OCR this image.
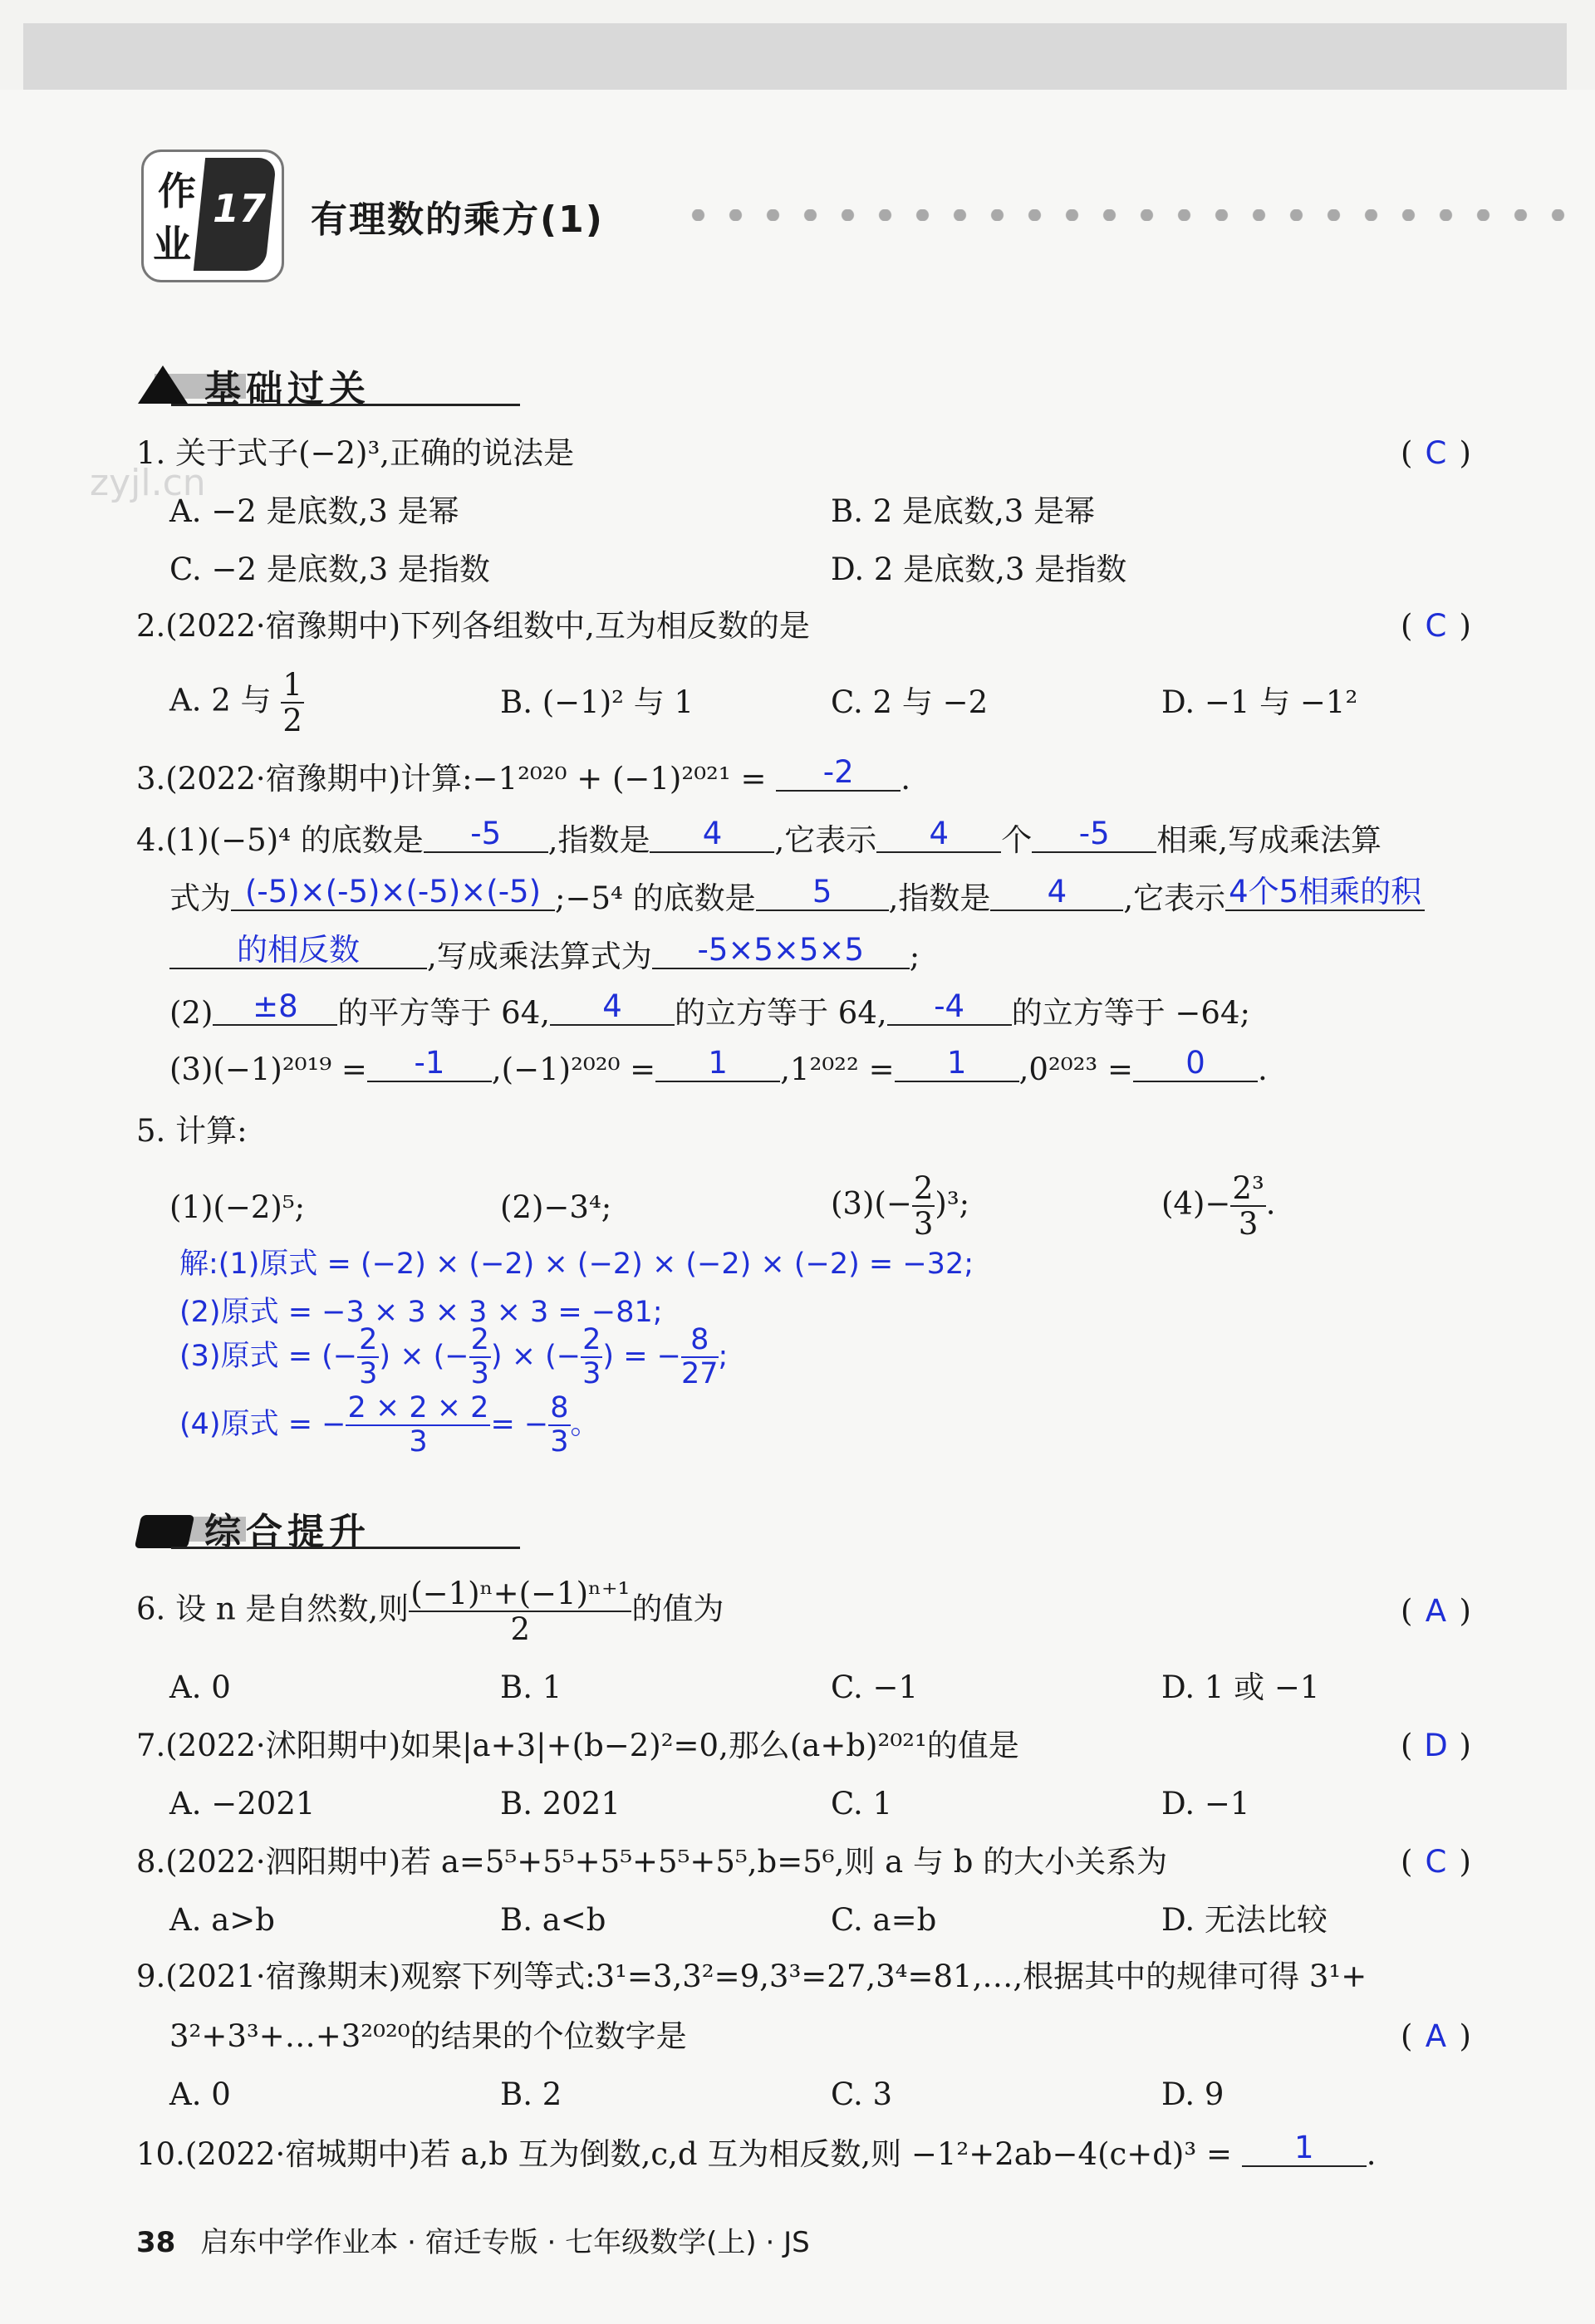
zyjl.cn
作
业
17 有理数的乘方(1)
基础过关
1. 关于式子(−2)³,正确的说法是	( C )
A. −2 是底数,3 是幂	B. 2 是底数,3 是幂
C. −2 是底数,3 是指数	D. 2 是底数,3 是指数
2.(2022·宿豫期中)下列各组数中,互为相反数的是	( C )
A. 2 与 $\frac{1}{2}$	B. (−1)² 与 1	C. 2 与 −2	D. −1 与 −1²
3.(2022·宿豫期中)计算:−1²⁰²⁰ + (−1)²⁰²¹ = -2 .
4.(1)(−5)⁴ 的底数是 -5 ,指数是 4 ,它表示 4 个 -5 相乘,写成乘法算
式为 (-5)×(-5)×(-5)×(-5) ;−5⁴ 的底数是 5 ,指数是 4 ,它表示 4个5相乘的积
的相反数 ,写成乘法算式为 -5×5×5×5 ;
(2) ±8 的平方等于 64, 4 的立方等于 64, -4 的立方等于 −64;
(3)(−1)²⁰¹⁹ = -1 ,(−1)²⁰²⁰ = 1 ,1²⁰²² = 1 ,0²⁰²³ = 0 .
5. 计算:
(1)(−2)⁵;	(2)−3⁴;	$(3)(- \frac{2}{3} )^3$;	$(4)- \frac{\text{2³}}{3}$ .
解:(1)原式 = (−2) × (−2) × (−2) × (−2) × (−2) = −32;
(2)原式 = −3 × 3 × 3 × 3 = −81;
(3)原式 = (− $\frac{2}{3}$ ) × (− $\frac{2}{3}$ ) × (− $\frac{2}{3}$ ) = − $\frac{8}{27}$ ;
(4)原式 = − $\frac{2 \times 2 \times 2}{3}$ = − $\frac{8}{3}$ 。
综合提升
6. 设 n 是自然数,则 $\frac{\text{(−1)ⁿ+(−1)ⁿ⁺¹}}{2}$ 的值为	( A )
A. 0	B. 1	C. −1	D. 1 或 −1
7.(2022·沭阳期中)如果|a+3|+(b−2)²=0,那么(a+b)²⁰²¹的值是	( D )
A. −2021	B. 2021	C. 1	D. −1
8.(2022·泗阳期中)若 a=5⁵+5⁵+5⁵+5⁵+5⁵,b=5⁶,则 a 与 b 的大小关系为	( C )
A. a>b	B. a<b	C. a=b	D. 无法比较
9.(2021·宿豫期末)观察下列等式:3¹=3,3²=9,3³=27,3⁴=81,…,根据其中的规律可得 3¹+
3²+3³+…+3²⁰²⁰的结果的个位数字是	( A )
A. 0	B. 2	C. 3	D. 9
10.(2022·宿城期中)若 a,b 互为倒数,c,d 互为相反数,则 −1²+2ab−4(c+d)³ = 1 .
38 启东中学作业本 · 宿迁专版 · 七年级数学(上) · JS
